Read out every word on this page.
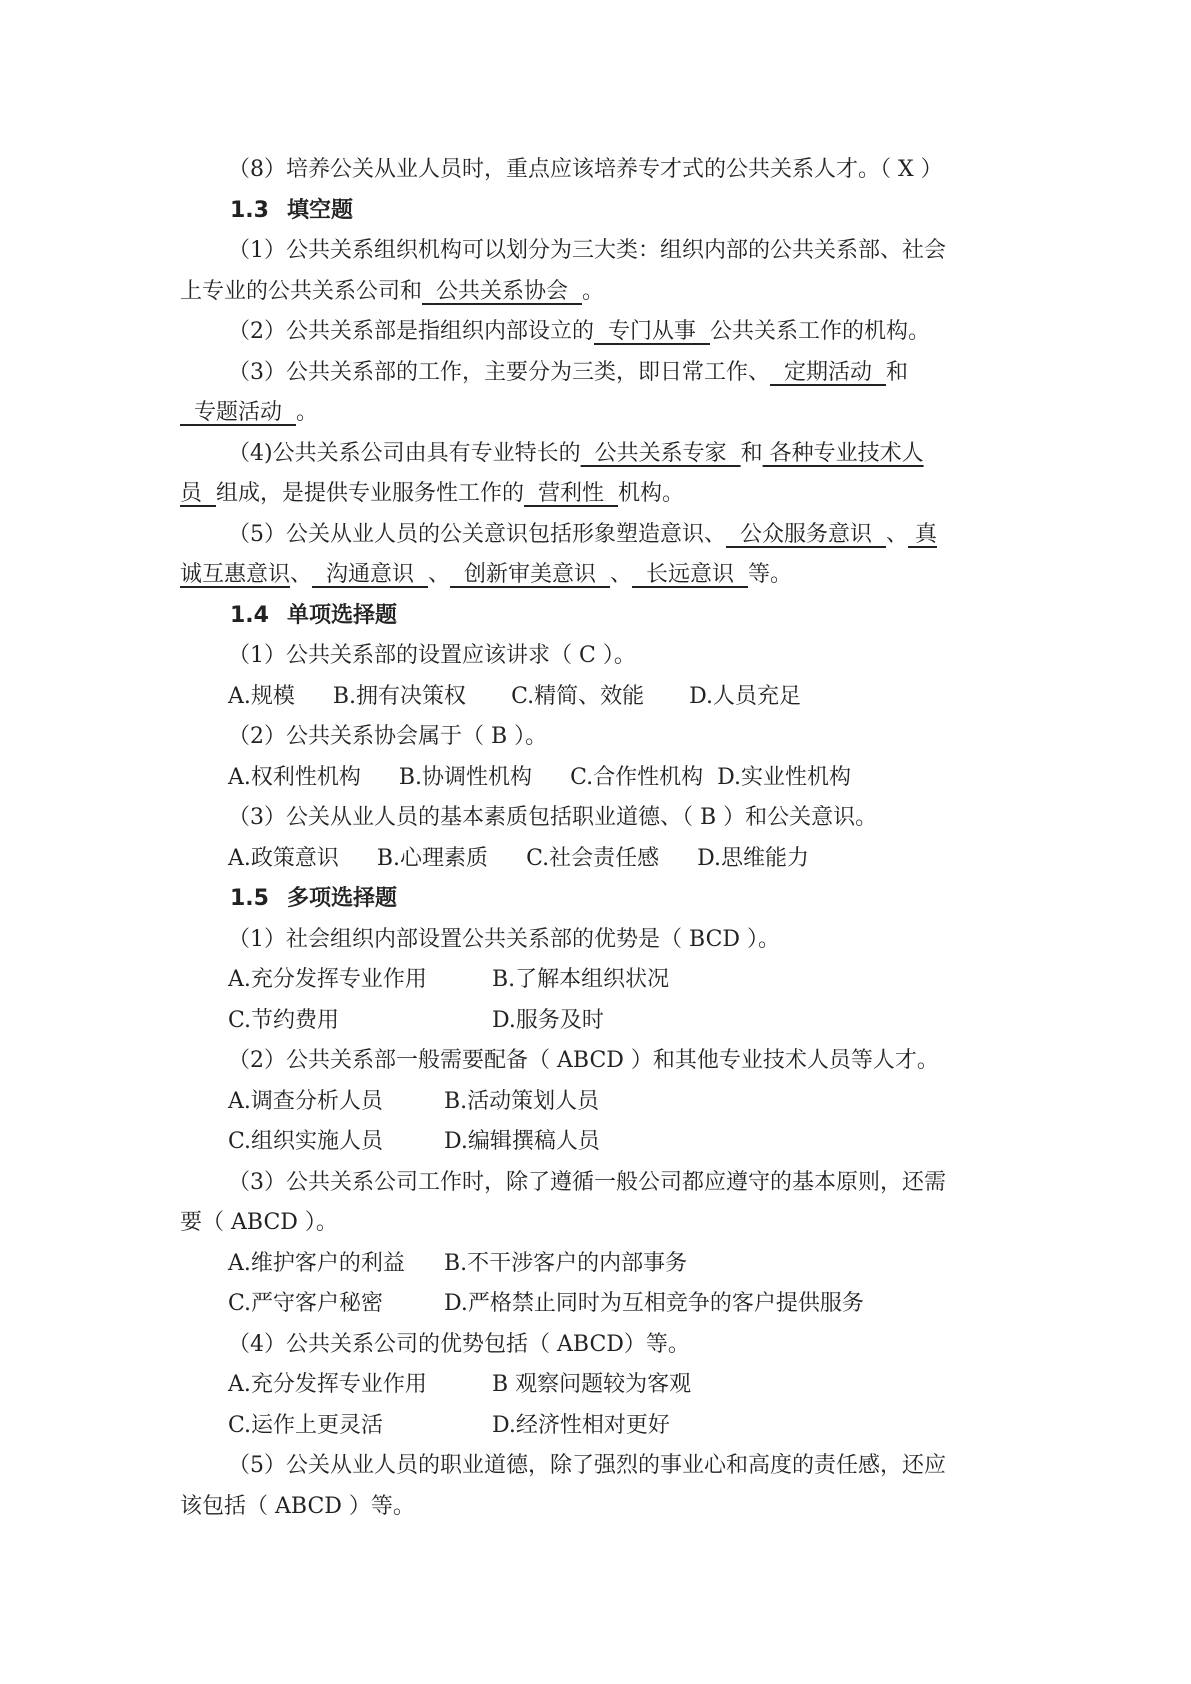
（8）培养公关从业人员时，重点应该培养专才式的公共关系人才。（ X ）
1.3 填空题
（1）公共关系组织机构可以划分为三大类：组织内部的公共关系部、社会
上专业的公共关系公司和  公共关系协会  。
（2）公共关系部是指组织内部设立的  专门从事  公共关系工作的机构。
（3）公共关系部的工作，主要分为三类，即日常工作、  定期活动  和
专题活动  。
（4)公共关系公司由具有专业特长的  公共关系专家  和 各种专业技术人
员  组成，是提供专业服务性工作的  营利性  机构。
（5）公关从业人员的公关意识包括形象塑造意识、  公众服务意识  、 真
诚互惠意识、  沟通意识  、  创新审美意识  、  长远意识  等。
1.4 单项选择题
（1）公共关系部的设置应该讲求（ C ）。
A.规模 B.拥有决策权 C.精简、效能 D.人员充足
（2）公共关系协会属于（ B ）。
A.权利性机构 B.协调性机构 C.合作性机构 D.实业性机构
（3）公关从业人员的基本素质包括职业道德、（ B ）和公关意识。
A.政策意识 B.心理素质 C.社会责任感 D.思维能力
1.5 多项选择题
（1）社会组织内部设置公共关系部的优势是（ BCD ）。
A.充分发挥专业作用	B.了解本组织状况
C.节约费用	D.服务及时
（2）公共关系部一般需要配备（ ABCD ）和其他专业技术人员等人才。
A.调查分析人员	B.活动策划人员
C.组织实施人员	D.编辑撰稿人员
（3）公共关系公司工作时，除了遵循一般公司都应遵守的基本原则，还需
要（ ABCD ）。
A.维护客户的利益 B.不干涉客户的内部事务
C.严守客户秘密	D.严格禁止同时为互相竞争的客户提供服务
（4）公共关系公司的优势包括（ ABCD）等。
A.充分发挥专业作用	B 观察问题较为客观
C.运作上更灵活	D.经济性相对更好
（5）公关从业人员的职业道德，除了强烈的事业心和高度的责任感，还应
该包括（ ABCD ）等。
